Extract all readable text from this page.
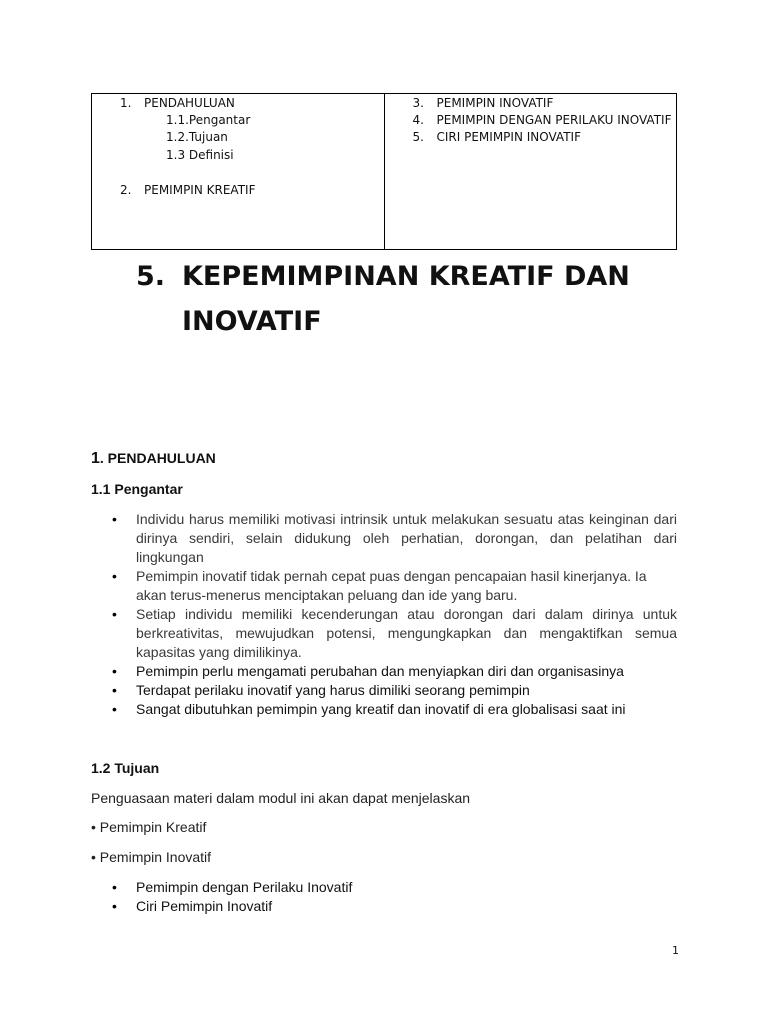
1. PENDAHULUAN
1.1.Pengantar
1.2.Tujuan
1.3 Definisi
2. PEMIMPIN KREATIF
3. PEMIMPIN INOVATIF
4. PEMIMPIN DENGAN PERILAKU INOVATIF
5. CIRI PEMIMPIN INOVATIF
5. KEPEMIMPINAN KREATIF DAN
INOVATIF
1. PENDAHULUAN
1.1 Pengantar
• Individu harus memiliki motivasi intrinsik untuk melakukan sesuatu atas keinginan dari dirinya sendiri, selain didukung oleh perhatian, dorongan, dan pelatihan dari lingkungan
• Pemimpin inovatif tidak pernah cepat puas dengan pencapaian hasil kinerjanya. Ia akan terus-menerus menciptakan peluang dan ide yang baru.
• Setiap individu memiliki kecenderungan atau dorongan dari dalam dirinya untuk berkreativitas, mewujudkan potensi, mengungkapkan dan mengaktifkan semua kapasitas yang dimilikinya.
• Pemimpin perlu mengamati perubahan dan menyiapkan diri dan organisasinya
• Terdapat perilaku inovatif yang harus dimiliki seorang pemimpin
• Sangat dibutuhkan pemimpin yang kreatif dan inovatif di era globalisasi saat ini
1.2 Tujuan

Penguasaan materi dalam modul ini akan dapat menjelaskan

• Pemimpin Kreatif

• Pemimpin Inovatif

• Pemimpin dengan Perilaku Inovatif
• Ciri Pemimpin Inovatif
1
